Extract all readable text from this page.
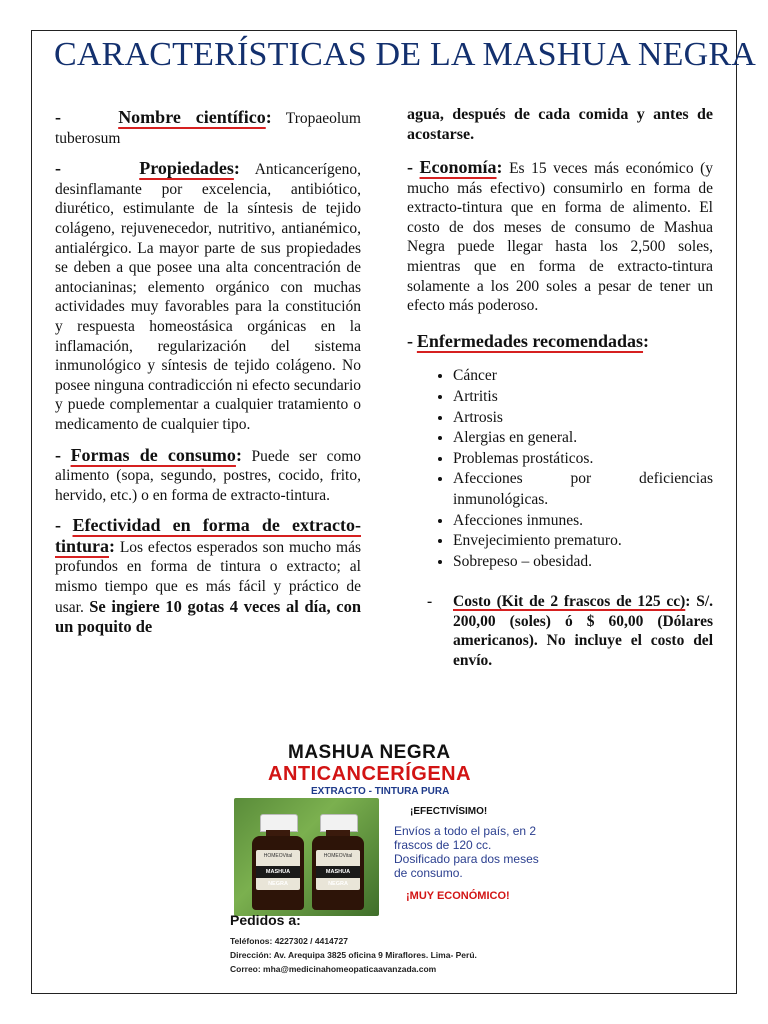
CARACTERÍSTICAS DE LA MASHUA NEGRA

-	Nombre científico: Tropaeolum tuberosum

-	Propiedades: Anticancerígeno, desinflamante por excelencia, antibiótico, diurético, estimulante de la síntesis de tejido colágeno, rejuvenecedor, nutritivo, antianémico, antialérgico. La mayor parte de sus propiedades se deben a que posee una alta concentración de antocianinas; elemento orgánico con muchas actividades muy favorables para la constitución y respuesta homeostásica orgánicas en la inflamación, regularización del sistema inmunológico y síntesis de tejido colágeno. No posee ninguna contradicción ni efecto secundario y puede complementar a cualquier tratamiento o medicamento de cualquier tipo.

- Formas de consumo: Puede ser como alimento (sopa, segundo, postres, cocido, frito, hervido, etc.) o en forma de extracto-tintura.

- Efectividad en forma de extracto-tintura: Los efectos esperados son mucho más profundos en forma de tintura o extracto; al mismo tiempo que es más fácil y práctico de usar. Se ingiere 10 gotas 4 veces al día, con un poquito de

agua, después de cada comida y antes de acostarse.

- Economía: Es 15 veces más económico (y mucho más efectivo) consumirlo en forma de extracto-tintura que en forma de alimento. El costo de dos meses de consumo de Mashua Negra puede llegar hasta los 2,500 soles, mientras que en forma de extracto-tintura solamente a los 200 soles a pesar de tener un efecto más poderoso.

- Enfermedades recomendadas:

• Cáncer
• Artritis
• Artrosis
• Alergias en general.
• Problemas prostáticos.
• Afecciones por deficiencias inmunológicas.
• Afecciones inmunes.
• Envejecimiento prematuro.
• Sobrepeso – obesidad.
-	Costo (Kit de 2 frascos de 125 cc): S/. 200,00 (soles) ó $ 60,00 (Dólares americanos). No incluye el costo del envío.
MASHUA NEGRA
ANTICANCERÍGENA
EXTRACTO - TINTURA PURA
HOMEOVital
MASHUA NEGRA
HOMEOVital
MASHUA NEGRA
¡EFECTIVÍSIMO!
Envíos a todo el país, en 2 frascos de 120 cc. Dosificado para dos meses de consumo.
¡MUY ECONÓMICO!
Pedidos a:
Teléfonos: 4227302 / 4414727
Dirección: Av. Arequipa 3825 oficina 9 Miraflores. Lima- Perú.
Correo: mha@medicinahomeopaticaavanzada.com
